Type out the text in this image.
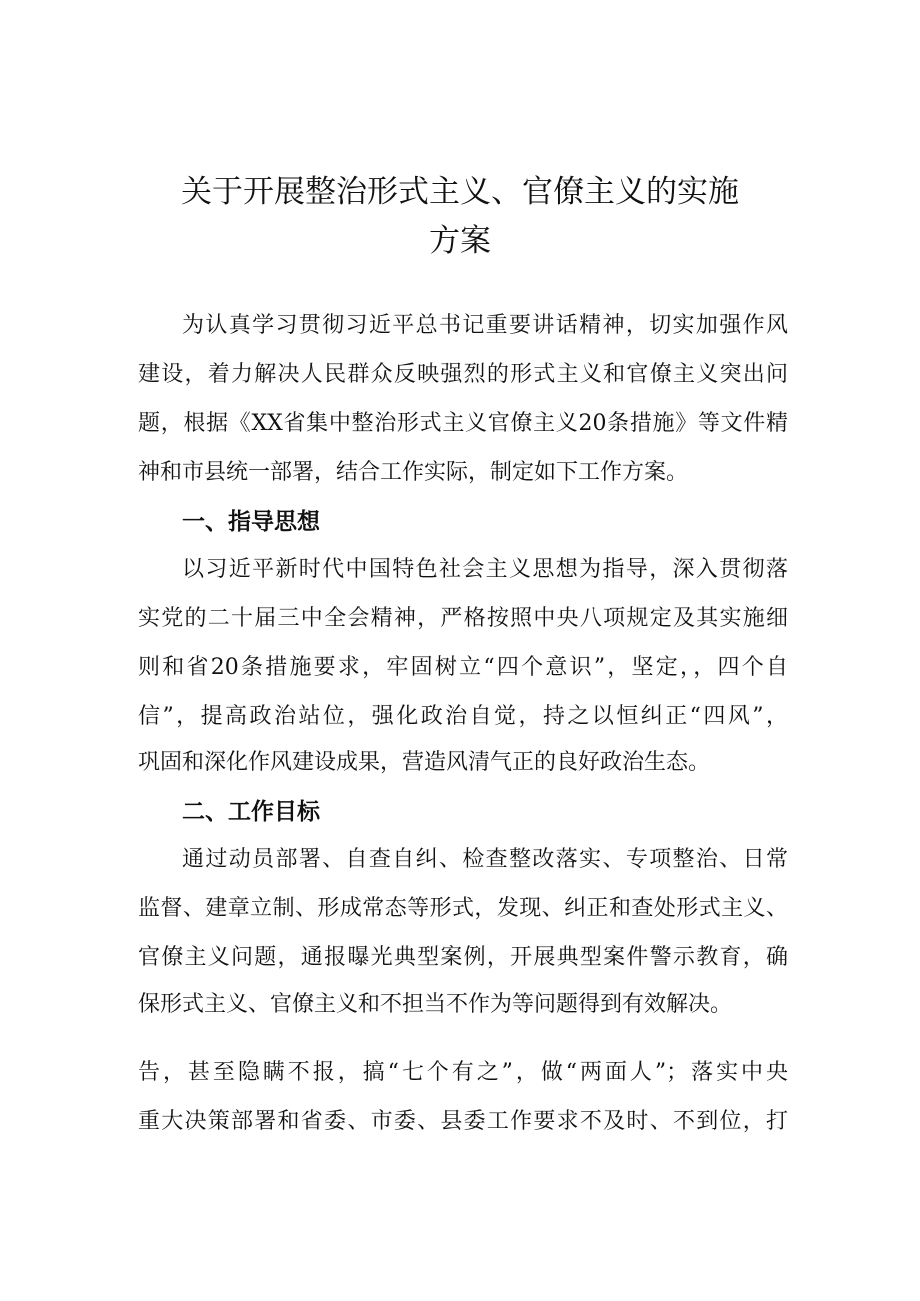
关于开展整治形式主义、官僚主义的实施
方案

为认真学习贯彻习近平总书记重要讲话精神，切实加强作风

建设，着力解决人民群众反映强烈的形式主义和官僚主义突出问

题，根据《XX省集中整治形式主义官僚主义20条措施》等文件精

神和市县统一部署，结合工作实际，制定如下工作方案。

一、指导思想

以习近平新时代中国特色社会主义思想为指导，深入贯彻落

实党的二十届三中全会精神，严格按照中央八项规定及其实施细

则和省20条措施要求，牢固树立“四个意识”，坚定，，四个自

信”，提高政治站位，强化政治自觉，持之以恒纠正“四风”，

巩固和深化作风建设成果，营造风清气正的良好政治生态。

二、工作目标

通过动员部署、自查自纠、检查整改落实、专项整治、日常

监督、建章立制、形成常态等形式，发现、纠正和查处形式主义、

官僚主义问题，通报曝光典型案例，开展典型案件警示教育，确

保形式主义、官僚主义和不担当不作为等问题得到有效解决。

告，甚至隐瞒不报，搞“七个有之”，做“两面人”；落实中央

重大决策部署和省委、市委、县委工作要求不及时、不到位，打
